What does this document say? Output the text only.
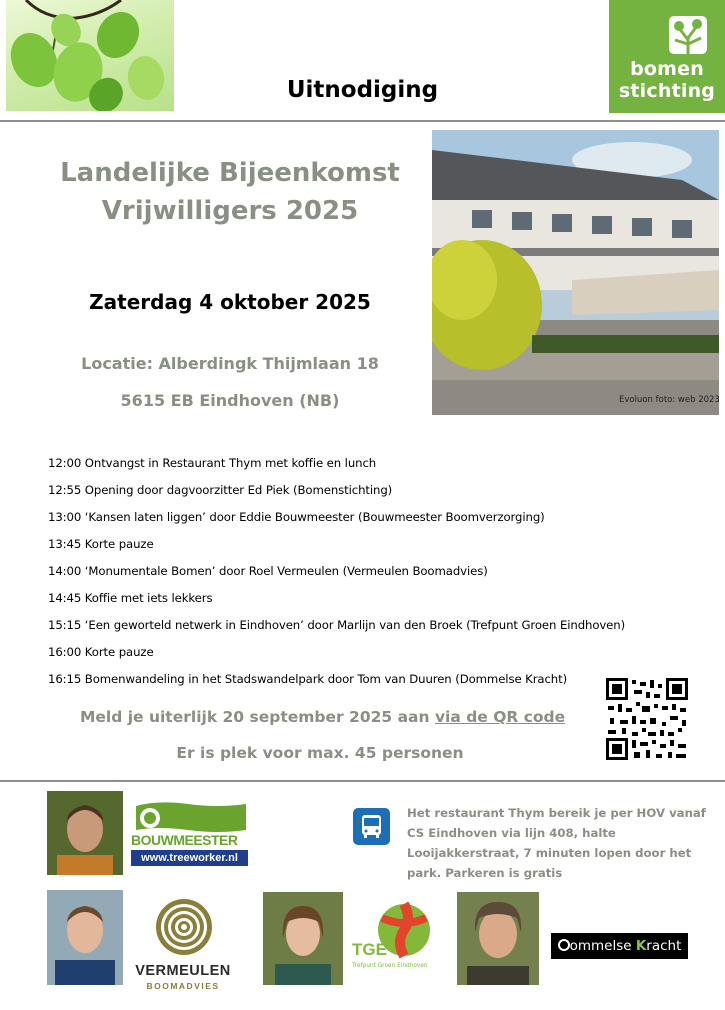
bomen
stichting
Uitnodiging
Landelijke Bijeenkomst
Vrijwilligers 2025
Zaterdag 4 oktober 2025
Locatie: Alberdingk Thijmlaan 18
5615 EB Eindhoven (NB)	Evoluon foto: web 2023
12:00 Ontvangst in Restaurant Thym met koffie en lunch
12:55 Opening door dagvoorzitter Ed Piek (Bomenstichting)
13:00 ‘Kansen laten liggen’ door Eddie Bouwmeester (Bouwmeester Boomverzorging)
13:45 Korte pauze
14:00 ‘Monumentale Bomen’ door Roel Vermeulen (Vermeulen Boomadvies)
14:45 Koffie met iets lekkers
15:15 ‘Een geworteld netwerk in Eindhoven’ door Marlijn van den Broek (Trefpunt Groen Eindhoven)
16:00 Korte pauze
16:15 Bomenwandeling in het Stadswandelpark door Tom van Duuren (Dommelse Kracht)
Meld je uiterlijk 20 september 2025 aan via de QR code
Er is plek voor max. 45 personen
BOUWMEESTER
www.treeworker.nl
Het restaurant Thym bereik je per HOV vanaf CS Eindhoven via lijn 408, halte Looijakkerstraat, 7 minuten lopen door het park. Parkeren is gratis
VERMEULEN
BOOMADVIES
TGE
Trefpunt Groen Eindhoven
ommelse Kracht
